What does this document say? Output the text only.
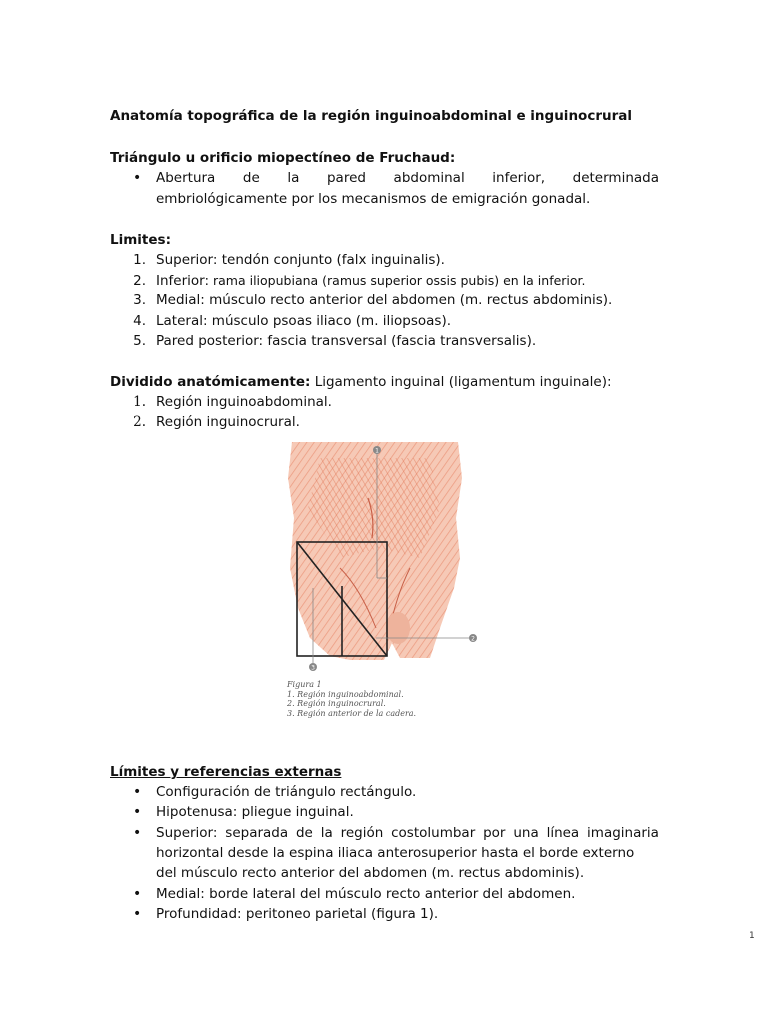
Anatomía topográfica de la región inguinoabdominal e inguinocrural
Triángulo u orificio miopectíneo de Fruchaud:
• Abertura de la pared abdominal inferior, determinada
embriológicamente por los mecanismos de emigración gonadal.
Limites:
1. Superior: tendón conjunto (falx inguinalis).
2. Inferior: rama iliopubiana (ramus superior ossis pubis) en la inferior.
3. Medial: músculo recto anterior del abdomen (m. rectus abdominis).
4. Lateral: músculo psoas iliaco (m. iliopsoas).
5. Pared posterior: fascia transversal (fascia transversalis).
Dividido anatómicamente: Ligamento inguinal (ligamentum inguinale):
1. Región inguinoabdominal.
2. Región inguinocrural.
1
2
3
Figura 1
1. Región inguinoabdominal.
2. Región inguinocrural.
3. Región anterior de la cadera.
Límites y referencias externas
• Configuración de triángulo rectángulo.
• Hipotenusa: pliegue inguinal.
• Superior: separada de la región costolumbar por una línea imaginaria
horizontal desde la espina iliaca anterosuperior hasta el borde externo
del músculo recto anterior del abdomen (m. rectus abdominis).
• Medial: borde lateral del músculo recto anterior del abdomen.
• Profundidad: peritoneo parietal (figura 1).
1
